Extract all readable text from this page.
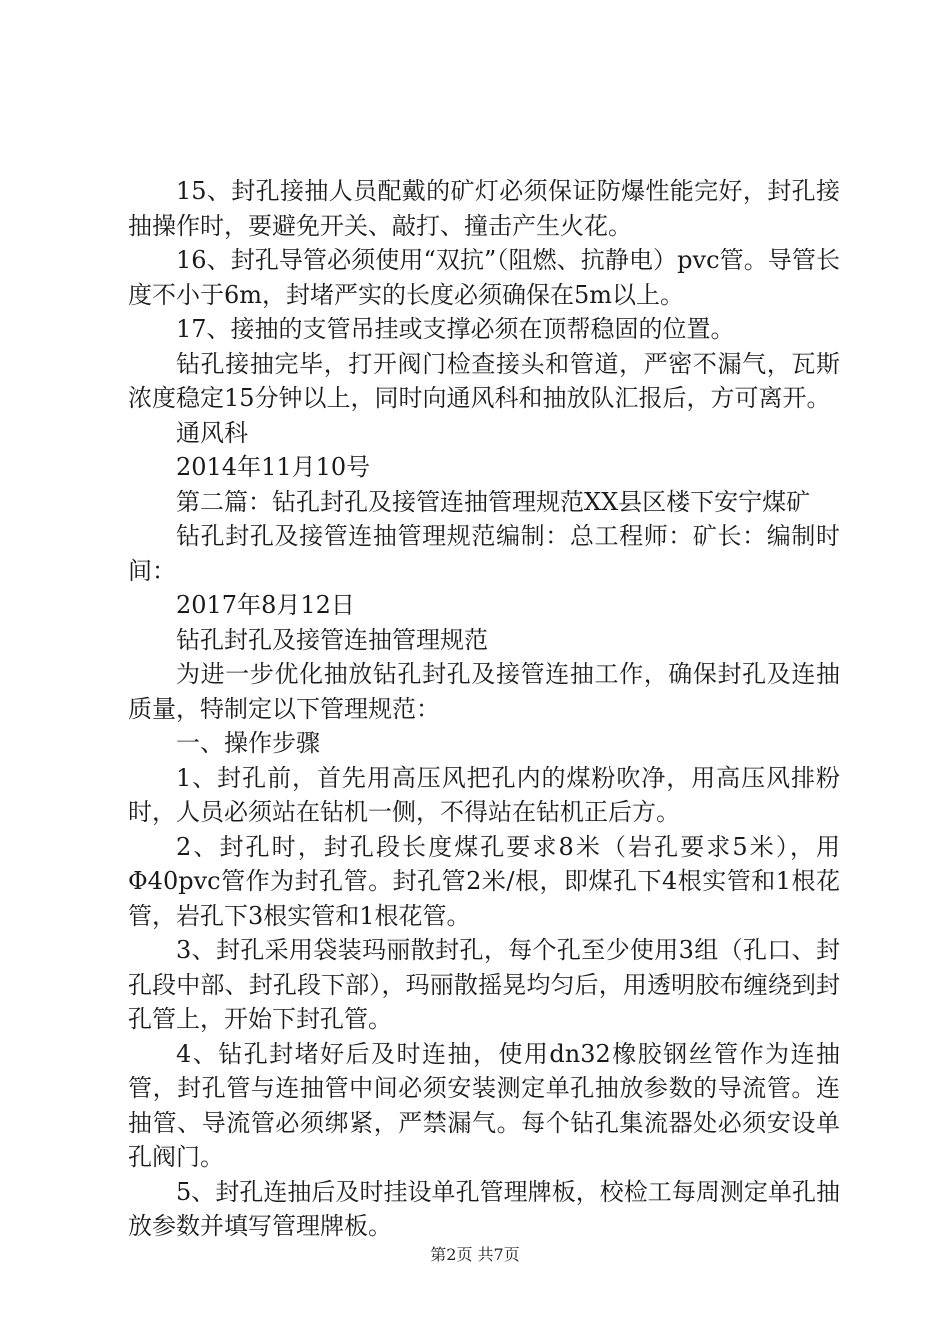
15、封孔接抽人员配戴的矿灯必须保证防爆性能完好，封孔接抽操作时，要避免开关、敲打、撞击产生火花。

16、封孔导管必须使用“双抗”（阻燃、抗静电）pvc管。导管长度不小于6m，封堵严实的长度必须确保在5m以上。

17、接抽的支管吊挂或支撑必须在顶帮稳固的位置。

钻孔接抽完毕，打开阀门检查接头和管道，严密不漏气，瓦斯浓度稳定15分钟以上，同时向通风科和抽放队汇报后，方可离开。

通风科

2014年11月10号

第二篇：钻孔封孔及接管连抽管理规范XX县区楼下安宁煤矿

钻孔封孔及接管连抽管理规范编制：总工程师：矿长：编制时间：

2017年8月12日

钻孔封孔及接管连抽管理规范

为进一步优化抽放钻孔封孔及接管连抽工作，确保封孔及连抽质量，特制定以下管理规范：

一、操作步骤

1、封孔前，首先用高压风把孔内的煤粉吹净，用高压风排粉时，人员必须站在钻机一侧，不得站在钻机正后方。

2、封孔时，封孔段长度煤孔要求8米（岩孔要求5米），用Φ40pvc管作为封孔管。封孔管2米/根，即煤孔下4根实管和1根花管，岩孔下3根实管和1根花管。

3、封孔采用袋装玛丽散封孔，每个孔至少使用3组（孔口、封孔段中部、封孔段下部），玛丽散摇晃均匀后，用透明胶布缠绕到封孔管上，开始下封孔管。

4、钻孔封堵好后及时连抽，使用dn32橡胶钢丝管作为连抽管，封孔管与连抽管中间必须安装测定单孔抽放参数的导流管。连抽管、导流管必须绑紧，严禁漏气。每个钻孔集流器处必须安设单孔阀门。

5、封孔连抽后及时挂设单孔管理牌板，校检工每周测定单孔抽放参数并填写管理牌板。

第2页 共7页
